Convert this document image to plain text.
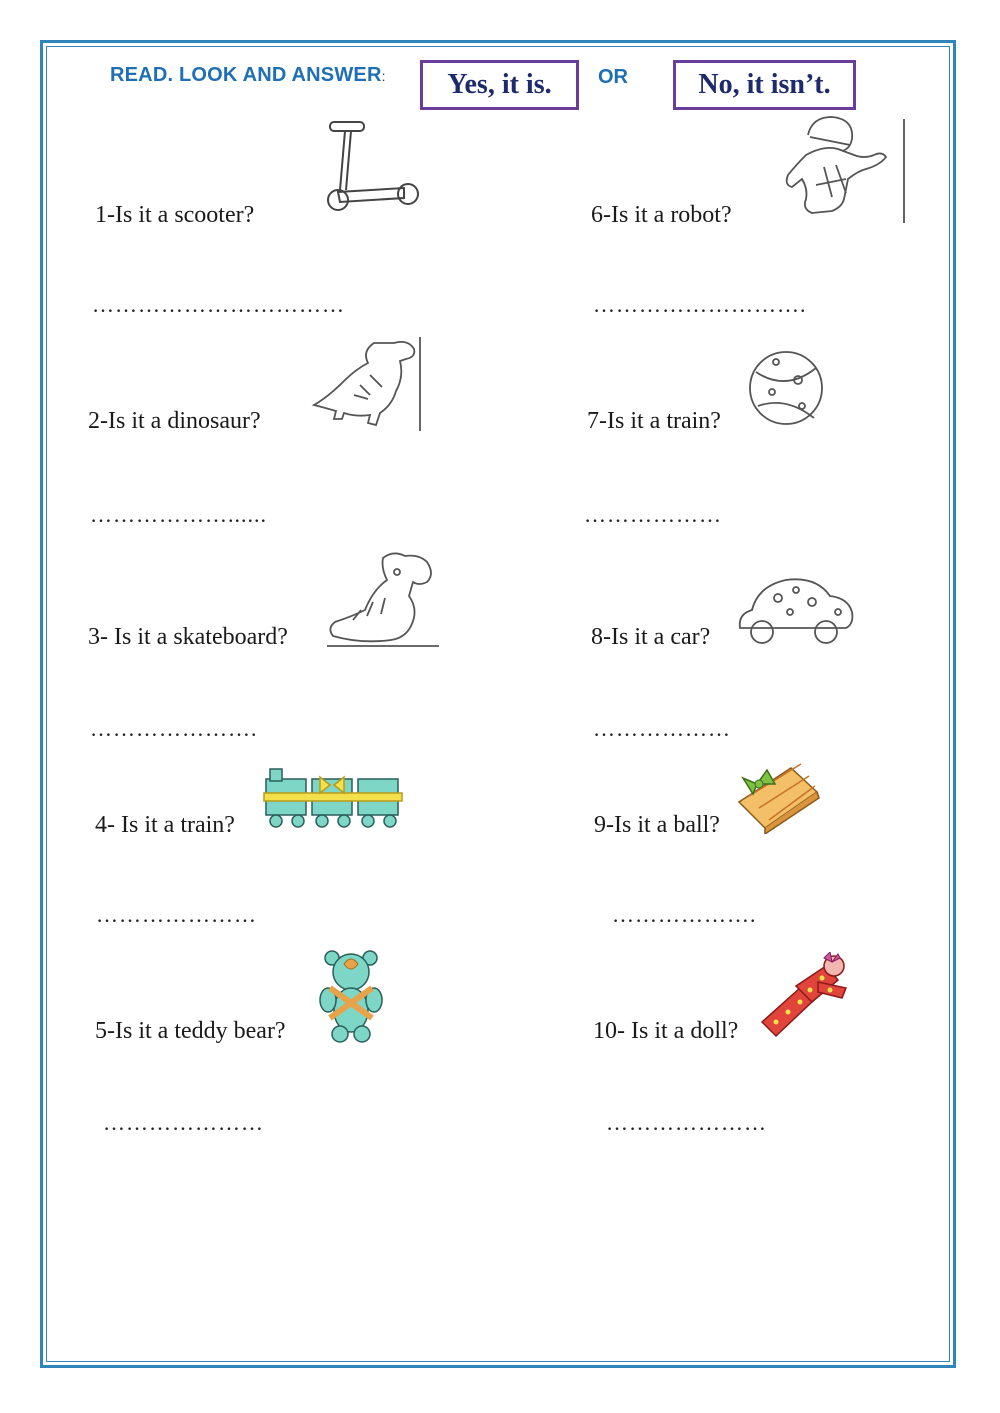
READ. LOOK AND ANSWER: Yes, it is. OR	No, it isn’t.
1-Is it a scooter?
……………………………
2-Is it a dinosaur?
………………......
3- Is it a skateboard?
………………….
4- Is it a train?
…………………
5-Is it a teddy bear?
…………………
6-Is it a robot?
……………………….
7-Is it a train?
………………
8-Is it a car?
………………
9-Is it a ball?
……………….
10- Is it a doll?
…………………
